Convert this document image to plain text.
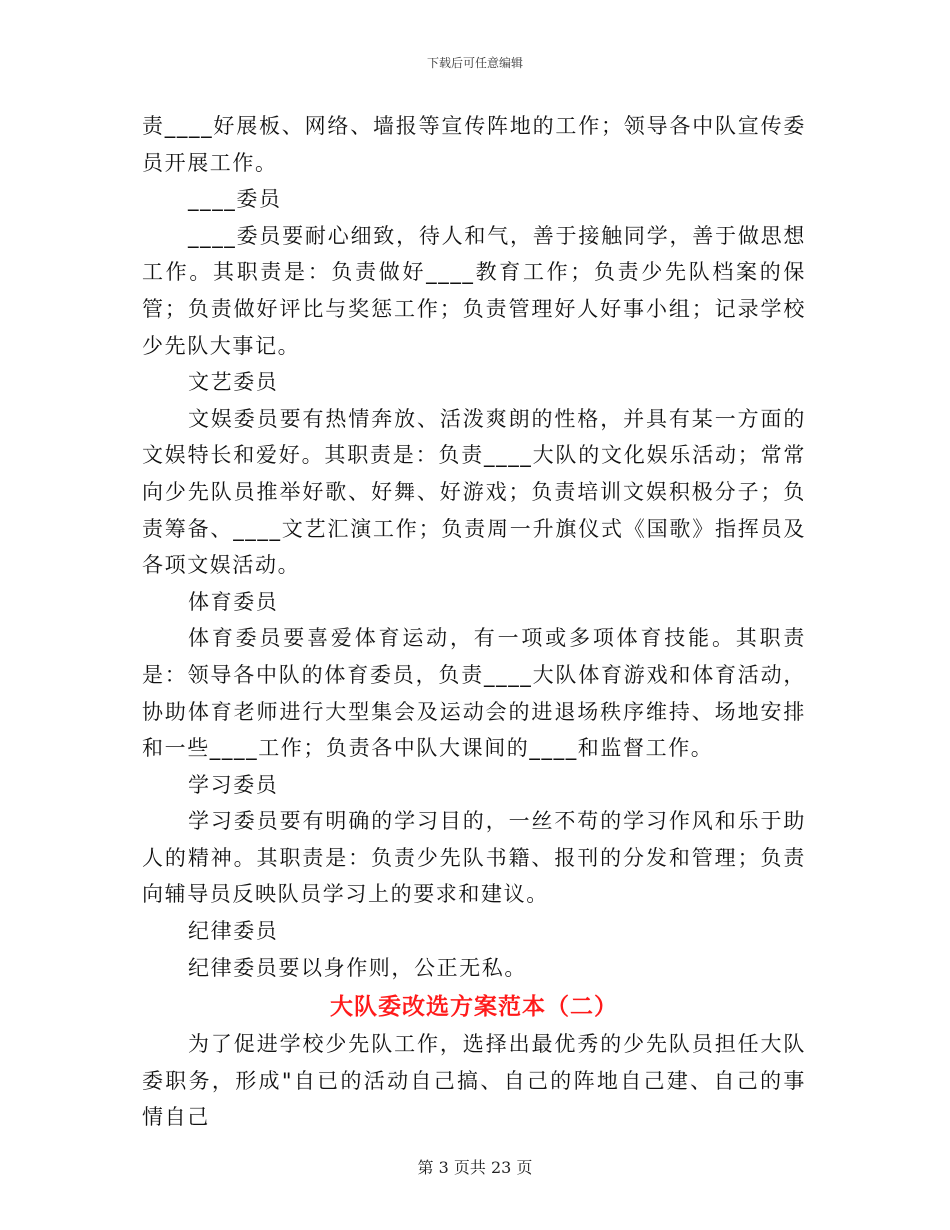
下载后可任意编辑

责____好展板、网络、墙报等宣传阵地的工作；领导各中队宣传委员开展工作。

____委员

____委员要耐心细致，待人和气，善于接触同学，善于做思想工作。其职责是：负责做好____教育工作；负责少先队档案的保管；负责做好评比与奖惩工作；负责管理好人好事小组；记录学校少先队大事记。

文艺委员

文娱委员要有热情奔放、活泼爽朗的性格，并具有某一方面的文娱特长和爱好。其职责是：负责____大队的文化娱乐活动；常常向少先队员推举好歌、好舞、好游戏；负责培训文娱积极分子；负责筹备、____文艺汇演工作；负责周一升旗仪式《国歌》指挥员及各项文娱活动。

体育委员

体育委员要喜爱体育运动，有一项或多项体育技能。其职责是：领导各中队的体育委员，负责____大队体育游戏和体育活动，协助体育老师进行大型集会及运动会的进退场秩序维持、场地安排和一些____工作；负责各中队大课间的____和监督工作。

学习委员

学习委员要有明确的学习目的，一丝不苟的学习作风和乐于助人的精神。其职责是：负责少先队书籍、报刊的分发和管理；负责向辅导员反映队员学习上的要求和建议。

纪律委员

纪律委员要以身作则，公正无私。

大队委改选方案范本（二）

为了促进学校少先队工作，选择出最优秀的少先队员担任大队委职务，形成"自已的活动自己搞、自己的阵地自己建、自己的事情自己

第 3 页共 23 页
